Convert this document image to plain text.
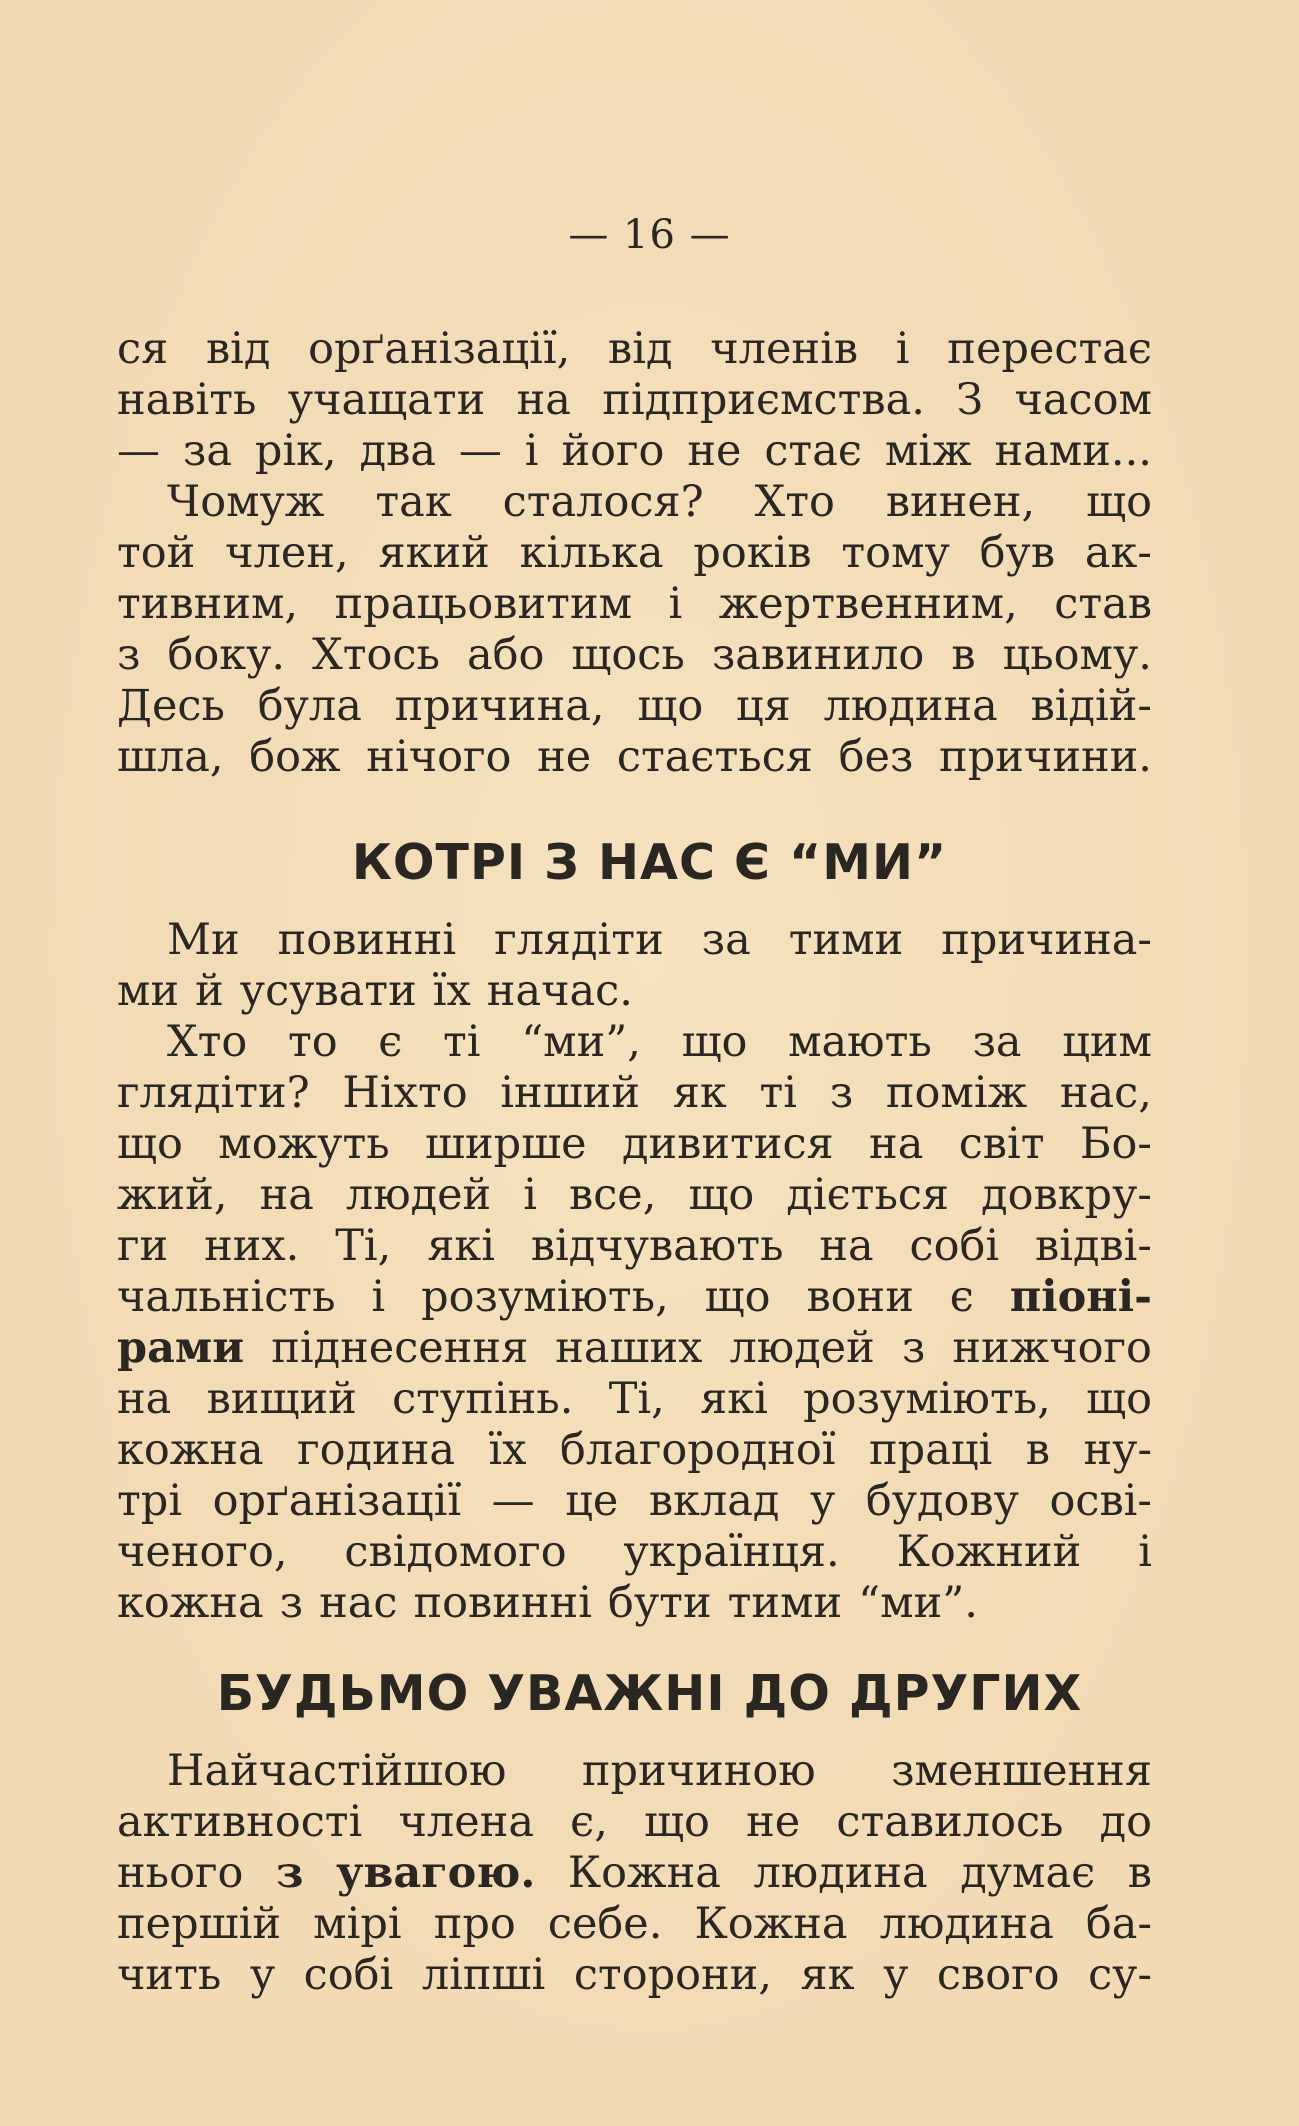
— 16 —
ся від орґанізації, від членів і перестає
навіть учащати на підприємства. З часом
— за рік, два — і його не стає між нами...
Чомуж так сталося? Хто винен, що
той член, який кілька років тому був ак-
тивним, працьовитим і жертвенним, став
з боку. Хтось або щось завинило в цьому.
Десь була причина, що ця людина відій-
шла, бож нічого не стається без причини.
КОТРІ З НАС Є “МИ”
Ми повинні глядіти за тими причина-
ми й усувати їх начас.
Хто то є ті “ми”, що мають за цим
глядіти? Ніхто інший як ті з поміж нас,
що можуть ширше дивитися на світ Бо-
жий, на людей і все, що діється довкру-
ги них. Ті, які відчувають на собі відві-
чальність і розуміють, що вони є піоні-
рами піднесення наших людей з нижчого
на вищий ступінь. Ті, які розуміють, що
кожна година їх благородної праці в ну-
трі орґанізації — це вклад у будову осві-
ченого, свідомого українця. Кожний і
кожна з нас повинні бути тими “ми”.
БУДЬМО УВАЖНІ ДО ДРУГИХ
Найчастійшою причиною зменшення
активності члена є, що не ставилось до
нього з увагою. Кожна людина думає в
першій мірі про себе. Кожна людина ба-
чить у собі ліпші сторони, як у свого су-
